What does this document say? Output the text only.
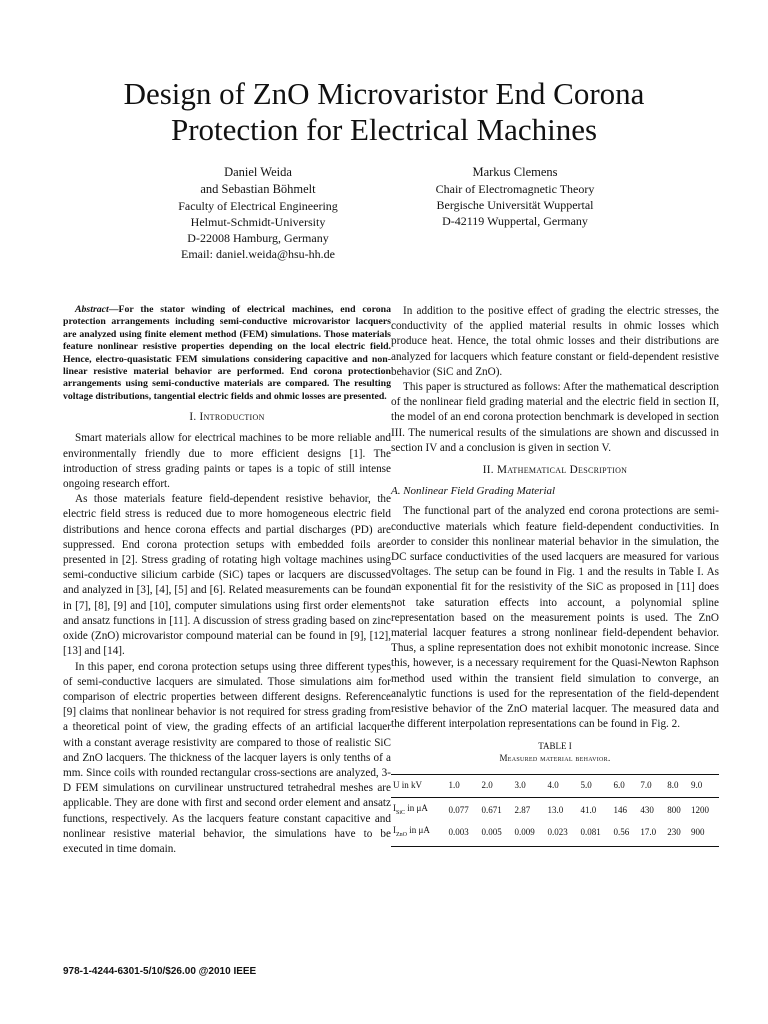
Design of ZnO Microvaristor End Corona
Protection for Electrical Machines
Daniel Weida
and Sebastian Böhmelt
Faculty of Electrical Engineering
Helmut-Schmidt-University
D-22008 Hamburg, Germany
Email: daniel.weida@hsu-hh.de
Markus Clemens
Chair of Electromagnetic Theory
Bergische Universität Wuppertal
D-42119 Wuppertal, Germany

Abstract—For the stator winding of electrical machines, end corona protection arrangements including semi-conductive microvaristor lacquers are analyzed using finite element method (FEM) simulations. Those materials feature nonlinear resistive properties depending on the local electric field. Hence, electro-quasistatic FEM simulations considering capacitive and non-linear resistive material behavior are performed. End corona protection arrangements using semi-conductive materials are compared. The resulting voltage distributions, tangential electric fields and ohmic losses are presented.

I. Introduction

Smart materials allow for electrical machines to be more reliable and environmentally friendly due to more efficient designs [1]. The introduction of stress grading paints or tapes is a topic of still intense ongoing research effort.

As those materials feature field-dependent resistive behavior, the electric field stress is reduced due to more homogeneous electric field distributions and hence corona effects and partial discharges (PD) are suppressed. End corona protection setups with embedded foils are presented in [2]. Stress grading of rotating high voltage machines using semi-conductive silicium carbide (SiC) tapes or lacquers are discussed and analyzed in [3], [4], [5] and [6]. Related measurements can be found in [7], [8], [9] and [10], computer simulations using first order elements and ansatz functions in [11]. A discussion of stress grading based on zinc oxide (ZnO) microvaristor compound material can be found in [9], [12], [13] and [14].

In this paper, end corona protection setups using three different types of semi-conductive lacquers are simulated. Those simulations aim for comparison of electric properties between different designs. Reference [9] claims that nonlinear behavior is not required for stress grading from a theoretical point of view, the grading effects of an artificial lacquer with a constant average resistivity are compared to those of realistic SiC and ZnO lacquers. The thickness of the lacquer layers is only tenths of a mm. Since coils with rounded rectangular cross-sections are analyzed, 3-D FEM simulations on curvilinear unstructured tetrahedral meshes are applicable. They are done with first and second order element and ansatz functions, respectively. As the lacquers feature constant capacitive and nonlinear resistive material behavior, the simulations have to be executed in time domain.

In addition to the positive effect of grading the electric stresses, the conductivity of the applied material results in ohmic losses which produce heat. Hence, the total ohmic losses and their distributions are analyzed for lacquers which feature constant or field-dependent resistive behavior (SiC and ZnO).

This paper is structured as follows: After the mathematical description of the nonlinear field grading material and the electric field in section II, the model of an end corona protection benchmark is developed in section III. The numerical results of the simulations are shown and discussed in section IV and a conclusion is given in section V.

II. Mathematical Description
A. Nonlinear Field Grading Material

The functional part of the analyzed end corona protections are semi-conductive materials which feature field-dependent conductivities. In order to consider this nonlinear material behavior in the simulation, the DC surface conductivities of the used lacquers are measured for various voltages. The setup can be found in Fig. 1 and the results in Table I. As an exponential fit for the resistivity of the SiC as proposed in [11] does not take saturation effects into account, a polynomial spline representation based on the measurement points is used. The ZnO material lacquer features a strong nonlinear field-dependent behavior. Thus, a spline representation does not exhibit monotonic increase. Since this, however, is a necessary requirement for the Quasi-Newton Raphson method used within the transient field simulation to converge, an analytic functions is used for the representation of the field-dependent resistive behavior of the ZnO material lacquer. The measured data and the different interpolation representations can be found in Fig. 2.

TABLE I
Measured material behavior.
U in kV	1.0	2.0	3.0	4.0	5.0	6.0	7.0	8.0	9.0
$I_{SiC}$ in μA	0.077	0.671	2.87	13.0	41.0	146	430	800	1200
$I_{ZnO}$ in μA	0.003	0.005	0.009	0.023	0.081	0.56	17.0	230	900
978-1-4244-6301-5/10/$26.00 @2010 IEEE
